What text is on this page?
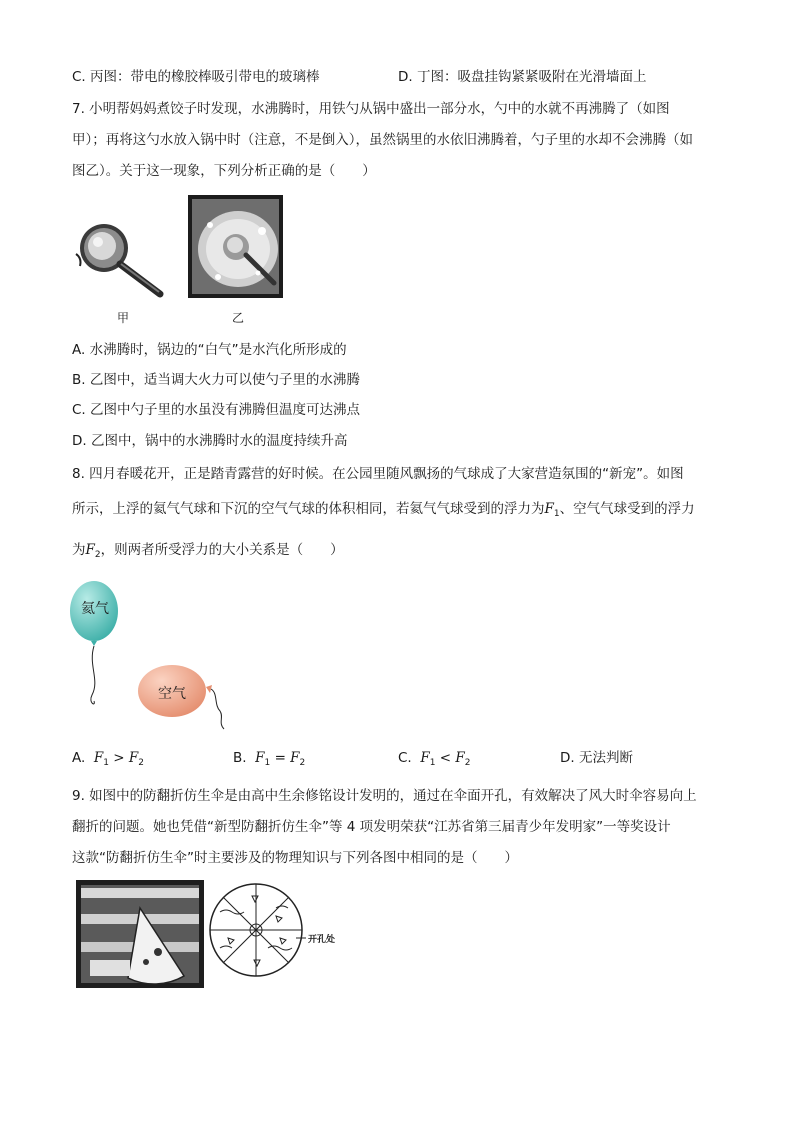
C. 丙图：带电的橡胶棒吸引带电的玻璃棒	D. 丁图：吸盘挂钩紧紧吸附在光滑墙面上
7. 小明帮妈妈煮饺子时发现，水沸腾时，用铁勺从锅中盛出一部分水，勺中的水就不再沸腾了（如图
甲）；再将这勺水放入锅中时（注意，不是倒入），虽然锅里的水依旧沸腾着，勺子里的水却不会沸腾（如
图乙）。关于这一现象，下列分析正确的是（　　）
甲	乙
A. 水沸腾时，锅边的“白气”是水汽化所形成的
B. 乙图中，适当调大火力可以使勺子里的水沸腾
C. 乙图中勺子里的水虽没有沸腾但温度可达沸点
D. 乙图中，锅中的水沸腾时水的温度持续升高
8. 四月春暖花开，正是踏青露营的好时候。在公园里随风飘扬的气球成了大家营造氛围的“新宠”。如图
所示，上浮的氦气气球和下沉的空气气球的体积相同，若氦气气球受到的浮力为$F_1$、空气气球受到的浮力
为$F_2$，则两者所受浮力的大小关系是（　　）
氦气
空气
A. $F_1 > F_2$	B. $F_1 = F_2$	C. $F_1 < F_2$	D. 无法判断
9. 如图中的防翻折仿生伞是由高中生余修铭设计发明的，通过在伞面开孔，有效解决了风大时伞容易向上
翻折的问题。她也凭借“新型防翻折仿生伞”等 4 项发明荣获“江苏省第三届青少年发明家”一等奖设计
这款“防翻折仿生伞”时主要涉及的物理知识与下列各图中相同的是（　　）
开孔处
